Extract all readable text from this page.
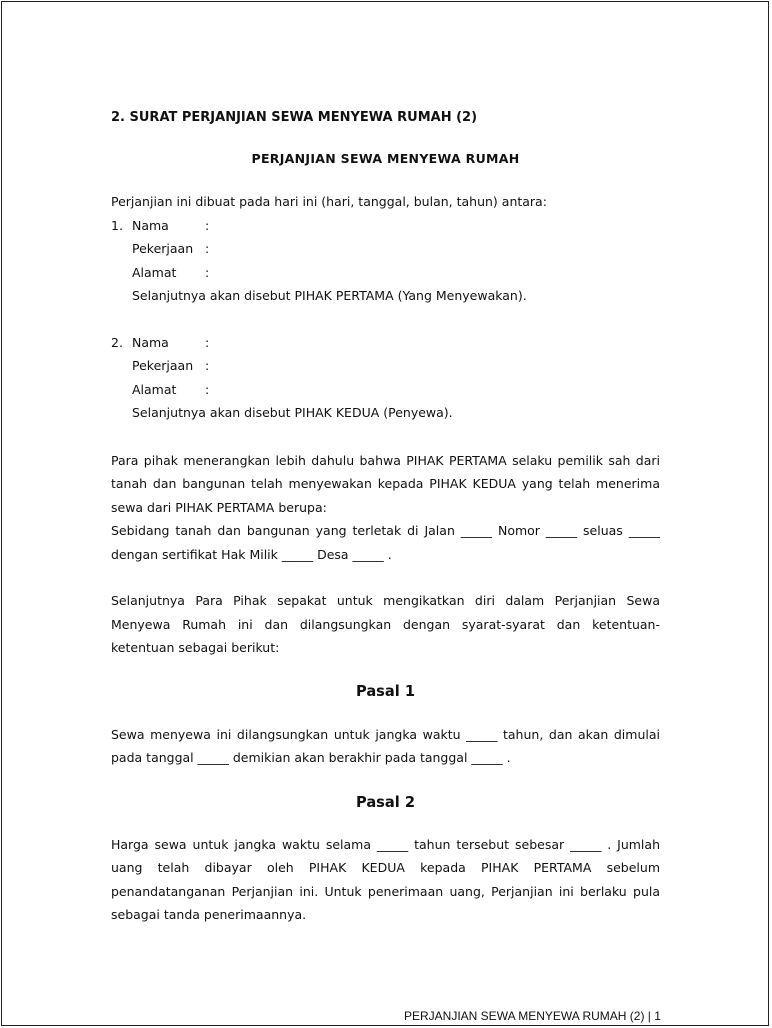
2. SURAT PERJANJIAN SEWA MENYEWA RUMAH (2)
PERJANJIAN SEWA MENYEWA RUMAH

Perjanjian ini dibuat pada hari ini (hari, tanggal, bulan, tahun) antara:

1. Nama	:
Pekerjaan :
Alamat	:

Selanjutnya akan disebut PIHAK PERTAMA (Yang Menyewakan).

2. Nama	:
Pekerjaan :
Alamat	:

Selanjutnya akan disebut PIHAK KEDUA (Penyewa).

Para pihak menerangkan lebih dahulu bahwa PIHAK PERTAMA selaku pemilik sah dari tanah dan bangunan telah menyewakan kepada PIHAK KEDUA yang telah menerima sewa dari PIHAK PERTAMA berupa:

Sebidang tanah dan bangunan yang terletak di Jalan _____ Nomor _____ seluas _____ dengan sertifikat Hak Milik _____ Desa _____ .

Selanjutnya Para Pihak sepakat untuk mengikatkan diri dalam Perjanjian Sewa Menyewa Rumah ini dan dilangsungkan dengan syarat-syarat dan ketentuan-ketentuan sebagai berikut:

Pasal 1

Sewa menyewa ini dilangsungkan untuk jangka waktu _____ tahun, dan akan dimulai pada tanggal _____ demikian akan berakhir pada tanggal _____ .

Pasal 2

Harga sewa untuk jangka waktu selama _____ tahun tersebut sebesar _____ . Jumlah uang telah dibayar oleh PIHAK KEDUA kepada PIHAK PERTAMA sebelum penandatanganan Perjanjian ini. Untuk penerimaan uang, Perjanjian ini berlaku pula sebagai tanda penerimaannya.

PERJANJIAN SEWA MENYEWA RUMAH (2) | 1
